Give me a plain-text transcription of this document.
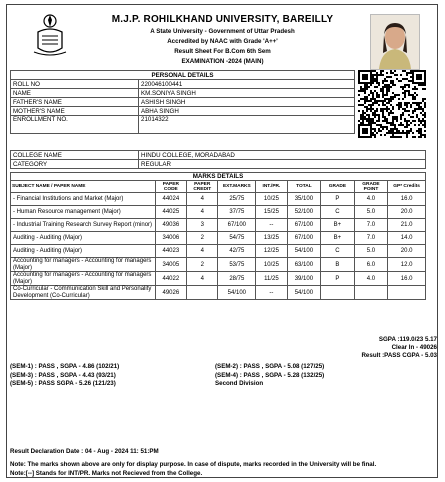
M.J.P. ROHILKHAND UNIVERSITY, BAREILLY
A State University - Government of Uttar Pradesh
Accredited by NAAC with Grade 'A++'
Result Sheet For B.Com 6th Sem
EXAMINATION -2024 (MAIN)
PERSONAL DETAILS	
ROLL NO	220046100441
NAME	KM.SONIYA SINGH
FATHER'S NAME	ASHISH SINGH
MOTHER'S NAME	ABHA SINGH
ENROLLMENT NO.	21014322
COLLEGE NAME	HINDU COLLEGE, MORADABAD
CATEGORY	REGULAR
MARKS DETAILS								
SUBJECT NAME / PAPER NAME	PAPER CODE	PAPER CREDIT	EXT.MARKS	INT./PR.	TOTAL	GRADE	GRADE POINT	GP* Credits
- Financial Institutions and Market (Major)	44024	4	25/75	10/25	35/100	P	4.0	16.0
- Human Resource management (Major)	44025	4	37/75	15/25	52/100	C	5.0	20.0
- Industrial Training Research Survey Report (minor)	49036	3	67/100	--	67/100	B+	7.0	21.0
Auditing - Auditing (Major)	34006	2	54/75	13/25	67/100	B+	7.0	14.0
Auditing - Auditing (Major)	44023	4	42/75	12/25	54/100	C	5.0	20.0
Accounting for managers - Accounting for managers (Major)	34005	2	53/75	10/25	63/100	B	6.0	12.0
Accounting for managers - Accounting for managers (Major)	44022	4	28/75	11/25	39/100	P	4.0	16.0
Co-Curricular - Communication Skill and Personality Development (Co-Curricular)	49026		54/100	--	54/100			
SGPA :119.0/23 5.17
Clear In - 49026
Result :PASS CGPA - 5.03
(SEM-1) : PASS , SGPA - 4.86 (102/21)
(SEM-3) : PASS , SGPA - 4.43 (93/21)
(SEM-5) : PASS SGPA - 5.26 (121/23)
(SEM-2) : PASS , SGPA - 5.08 (127/25)
(SEM-4) : PASS , SGPA - 5.28 (132/25)
Second Division
Result Declaration Date : 04 - Aug - 2024 11: 51:PM
Note: The marks shown above are only for display purpose. In case of dispute, marks recorded in the University will be final.
Note:[--] Stands for INT/PR. Marks not Recieved from the College.
